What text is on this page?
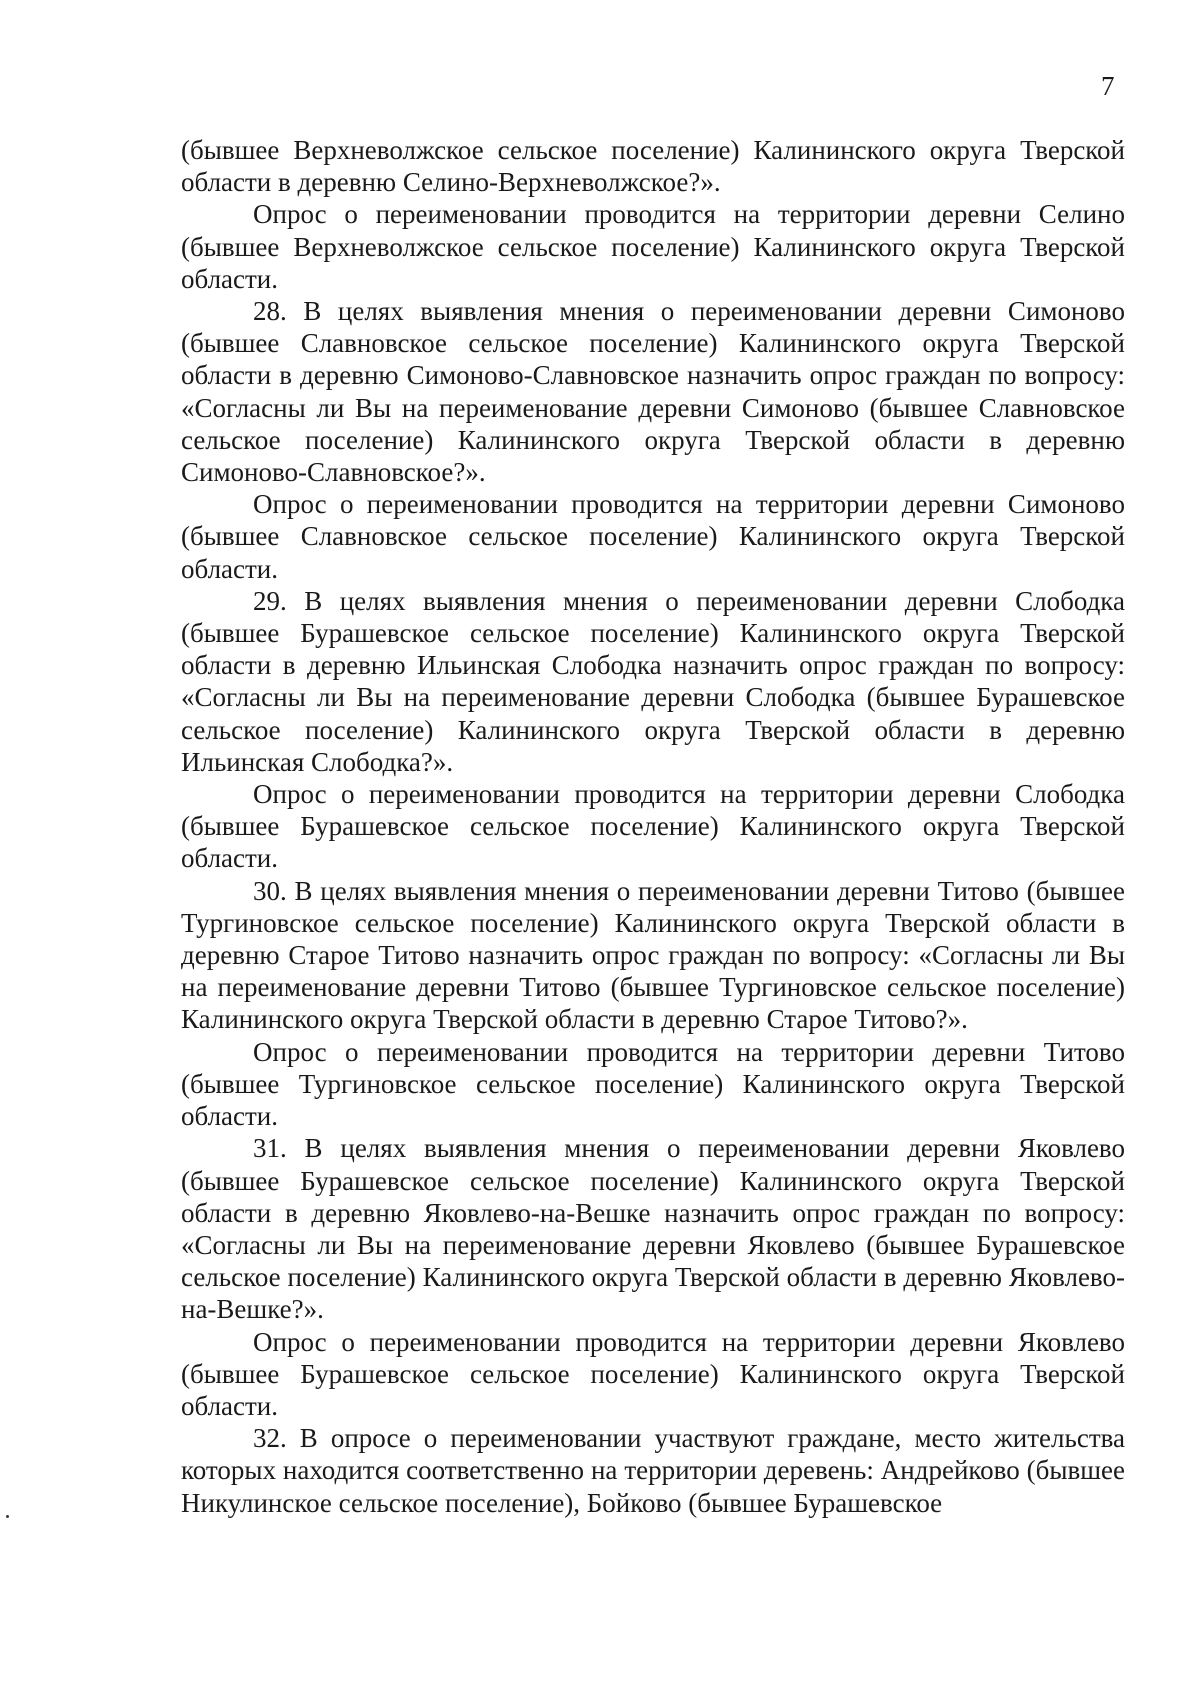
7

(бывшее Верхневолжское сельское поселение) Калининского округа Тверской области в деревню Селино-Верхневолжское?».

Опрос о переименовании проводится на территории деревни Селино (бывшее Верхневолжское сельское поселение) Калининского округа Тверской области.

28. В целях выявления мнения о переименовании деревни Симоново (бывшее Славновское сельское поселение) Калининского округа Тверской области в деревню Симоново-Славновское назначить опрос граждан по вопросу: «Согласны ли Вы на переименование деревни Симоново (бывшее Славновское сельское поселение) Калининского округа Тверской области в деревню Симоново-Славновское?».

Опрос о переименовании проводится на территории деревни Симоново (бывшее Славновское сельское поселение) Калининского округа Тверской области.

29. В целях выявления мнения о переименовании деревни Слободка (бывшее Бурашевское сельское поселение) Калининского округа Тверской области в деревню Ильинская Слободка назначить опрос граждан по вопросу: «Согласны ли Вы на переименование деревни Слободка (бывшее Бурашевское сельское поселение) Калининского округа Тверской области в деревню Ильинская Слободка?».

Опрос о переименовании проводится на территории деревни Слободка (бывшее Бурашевское сельское поселение) Калининского округа Тверской области.

30. В целях выявления мнения о переименовании деревни Титово (бывшее Тургиновское сельское поселение) Калининского округа Тверской области в деревню Старое Титово назначить опрос граждан по вопросу: «Согласны ли Вы на переименование деревни Титово (бывшее Тургиновское сельское поселение) Калининского округа Тверской области в деревню Старое Титово?».

Опрос о переименовании проводится на территории деревни Титово (бывшее Тургиновское сельское поселение) Калининского округа Тверской области.

31. В целях выявления мнения о переименовании деревни Яковлево (бывшее Бурашевское сельское поселение) Калининского округа Тверской области в деревню Яковлево-на-Вешке назначить опрос граждан по вопросу: «Согласны ли Вы на переименование деревни Яковлево (бывшее Бурашевское сельское поселение) Калининского округа Тверской области в деревню Яковлево-на-Вешке?».

Опрос о переименовании проводится на территории деревни Яковлево (бывшее Бурашевское сельское поселение) Калининского округа Тверской области.

32. В опросе о переименовании участвуют граждане, место жительства которых находится соответственно на территории деревень: Андрейково (бывшее Никулинское сельское поселение), Бойково (бывшее Бурашевское
